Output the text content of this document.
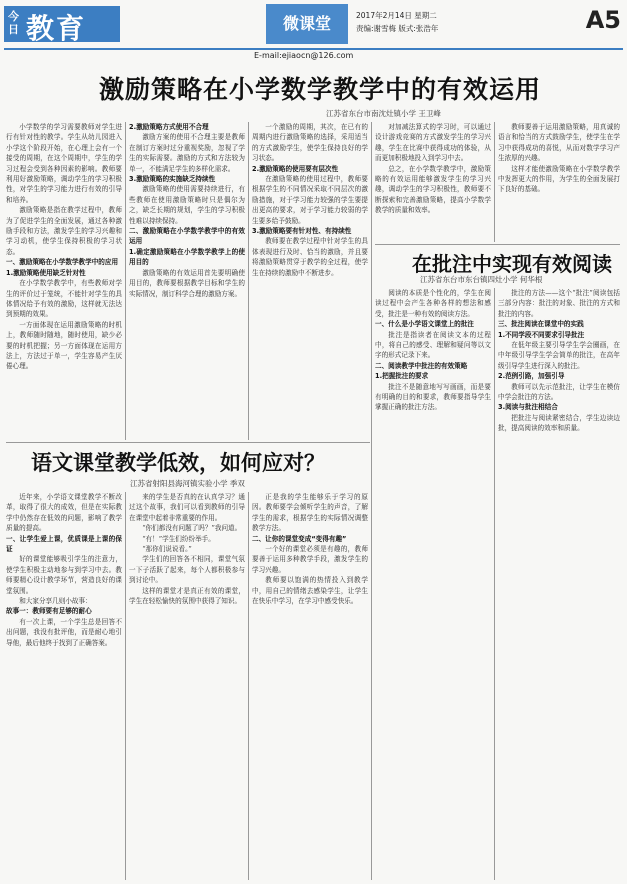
今日 教育	微课堂	2017年2月14日 星期二
责编:谢雪梅 版式:张浩年	A5
E-mail:ejiaocn@126.com
激励策略在小学数学教学中的有效运用
江苏省东台市南沈灶镇小学 王卫峰

小学数学的学习需要教师对学生进行有针对性的教学。学生从幼儿园进入小学这个阶段开始，在心理上会有一个接受的周期，在这个周期中，学生的学习过程会受到各种因素的影响。教师要利用好激励策略，调动学生的学习积极性，对学生的学习能力进行有效的引导和培养。

激励策略是指在教学过程中，教师为了促进学生的全面发展，通过各种激励手段和方法，激发学生的学习兴趣和学习动机，使学生保持积极的学习状态。

一、激励策略在小学数学教学中的应用

1.激励策略使用缺乏针对性

在小学数学教学中，有些教师对学生的评价过于笼统，不能针对学生的具体情况给予有效的激励，这样就无法达到预期的效果。

一方面体现在运用激励策略的时机上，教师随时随地，随时使用，缺少必要的时机把握；另一方面体现在运用方法上，方法过于单一，学生容易产生厌倦心理。

2.激励策略方式使用不合理

激励方案的使用不合理主要是教师在制订方案时过分重视奖励，忽视了学生的实际需要。激励的方式和方法较为单一，不能满足学生的多样化需求。

3.激励策略的实施缺乏持续性

激励策略的使用需要持续进行，有些教师在使用激励策略时只是偶尔为之，缺乏长期的规划，学生的学习积极性难以持续保持。

二、激励策略在小学数学教学中的有效运用

1.确定激励策略在小学数学教学上的使用目的

激励策略的有效运用首先要明确使用目的，教师要根据教学目标和学生的实际情况，制订科学合理的激励方案。

一个激励的周期，其次，在已有的周期内进行激励策略的选择，采用适当的方式激励学生，使学生保持良好的学习状态。

2.激励策略的使用要有层次性

在激励策略的使用过程中，教师要根据学生的不同情况采取不同层次的激励措施，对于学习能力较强的学生要提出更高的要求，对于学习能力较弱的学生要多给予鼓励。

3.激励策略要有针对性、有持续性

教师要在教学过程中针对学生的具体表现进行及时、恰当的激励，并且要将激励策略贯穿于教学的全过程，使学生在持续的激励中不断进步。

对加减法算式的学习时，可以通过设计游戏竞赛的方式激发学生的学习兴趣，学生在比赛中获得成功的体验，从而更加积极地投入到学习中去。

总之，在小学数学教学中，激励策略的有效运用能够激发学生的学习兴趣，调动学生的学习积极性，教师要不断探索和完善激励策略，提高小学数学教学的质量和效率。

教师要善于运用激励策略，用真诚的语言和恰当的方式鼓励学生，使学生在学习中获得成功的喜悦，从而对数学学习产生浓厚的兴趣。

这样才能使激励策略在小学数学教学中发挥更大的作用，为学生的全面发展打下良好的基础。

语文课堂教学低效，如何应对？
江苏省射阳县海河镇实验小学 季双

近年来，小学语文课堂教学不断改革，取得了很大的成效，但是在实际教学中仍然存在低效的问题，影响了教学质量的提高。

一、让学生爱上课，优质课是上课的保证

好的课堂能够吸引学生的注意力，使学生积极主动地参与到学习中去。教师要精心设计教学环节，营造良好的课堂氛围。

和大家分享几则小故事：

故事一：教师要有足够的耐心

有一次上课，一个学生总是回答不出问题，我没有批评他，而是耐心地引导他，最后他终于找到了正确答案。

来的学生是否真的在认真学习？通过这个故事，我们可以看到教师的引导在课堂中起着非常重要的作用。

“你们都没有问题了吗？”我问道。

“有！”学生们纷纷举手。

“那你们说说看。”

学生们的回答各不相同，课堂气氛一下子活跃了起来，每个人都积极参与到讨论中。

这样的课堂才是真正有效的课堂，学生在轻松愉快的氛围中获得了知识。

正是我的学生能够乐于学习的原因。教师要学会倾听学生的声音，了解学生的需求，根据学生的实际情况调整教学方法。

二、让你的课堂变成“变得有趣”

一个好的课堂必须是有趣的，教师要善于运用多种教学手段，激发学生的学习兴趣。

教师要以饱满的热情投入到教学中，用自己的情绪去感染学生，让学生在快乐中学习，在学习中感受快乐。

在批注中实现有效阅读
江苏省东台市东台镇四灶小学 何华根

阅读的本质是个性化的，学生在阅读过程中会产生各种各样的想法和感受，批注是一种有效的阅读方法。

一、什么是小学语文课堂上的批注

批注是指读者在阅读文本的过程中，将自己的感受、理解和疑问等以文字的形式记录下来。

二、阅读教学中批注的有效策略

1.把握批注的要求

批注不是随意地写写画画，而是要有明确的目的和要求，教师要指导学生掌握正确的批注方法。

批注的方法——这个“批注”阅读包括三部分内容：批注的对象、批注的方式和批注的内容。

三、批注阅读在课堂中的实践

1.不同学段不同要求引导批注

在低年级主要引导学生学会圈画，在中年级引导学生学会简单的批注，在高年级引导学生进行深入的批注。

2.范例引路，加强引导

教师可以先示范批注，让学生在模仿中学会批注的方法。

3.阅读与批注相结合

把批注与阅读紧密结合，学生边读边批，提高阅读的效率和质量。
